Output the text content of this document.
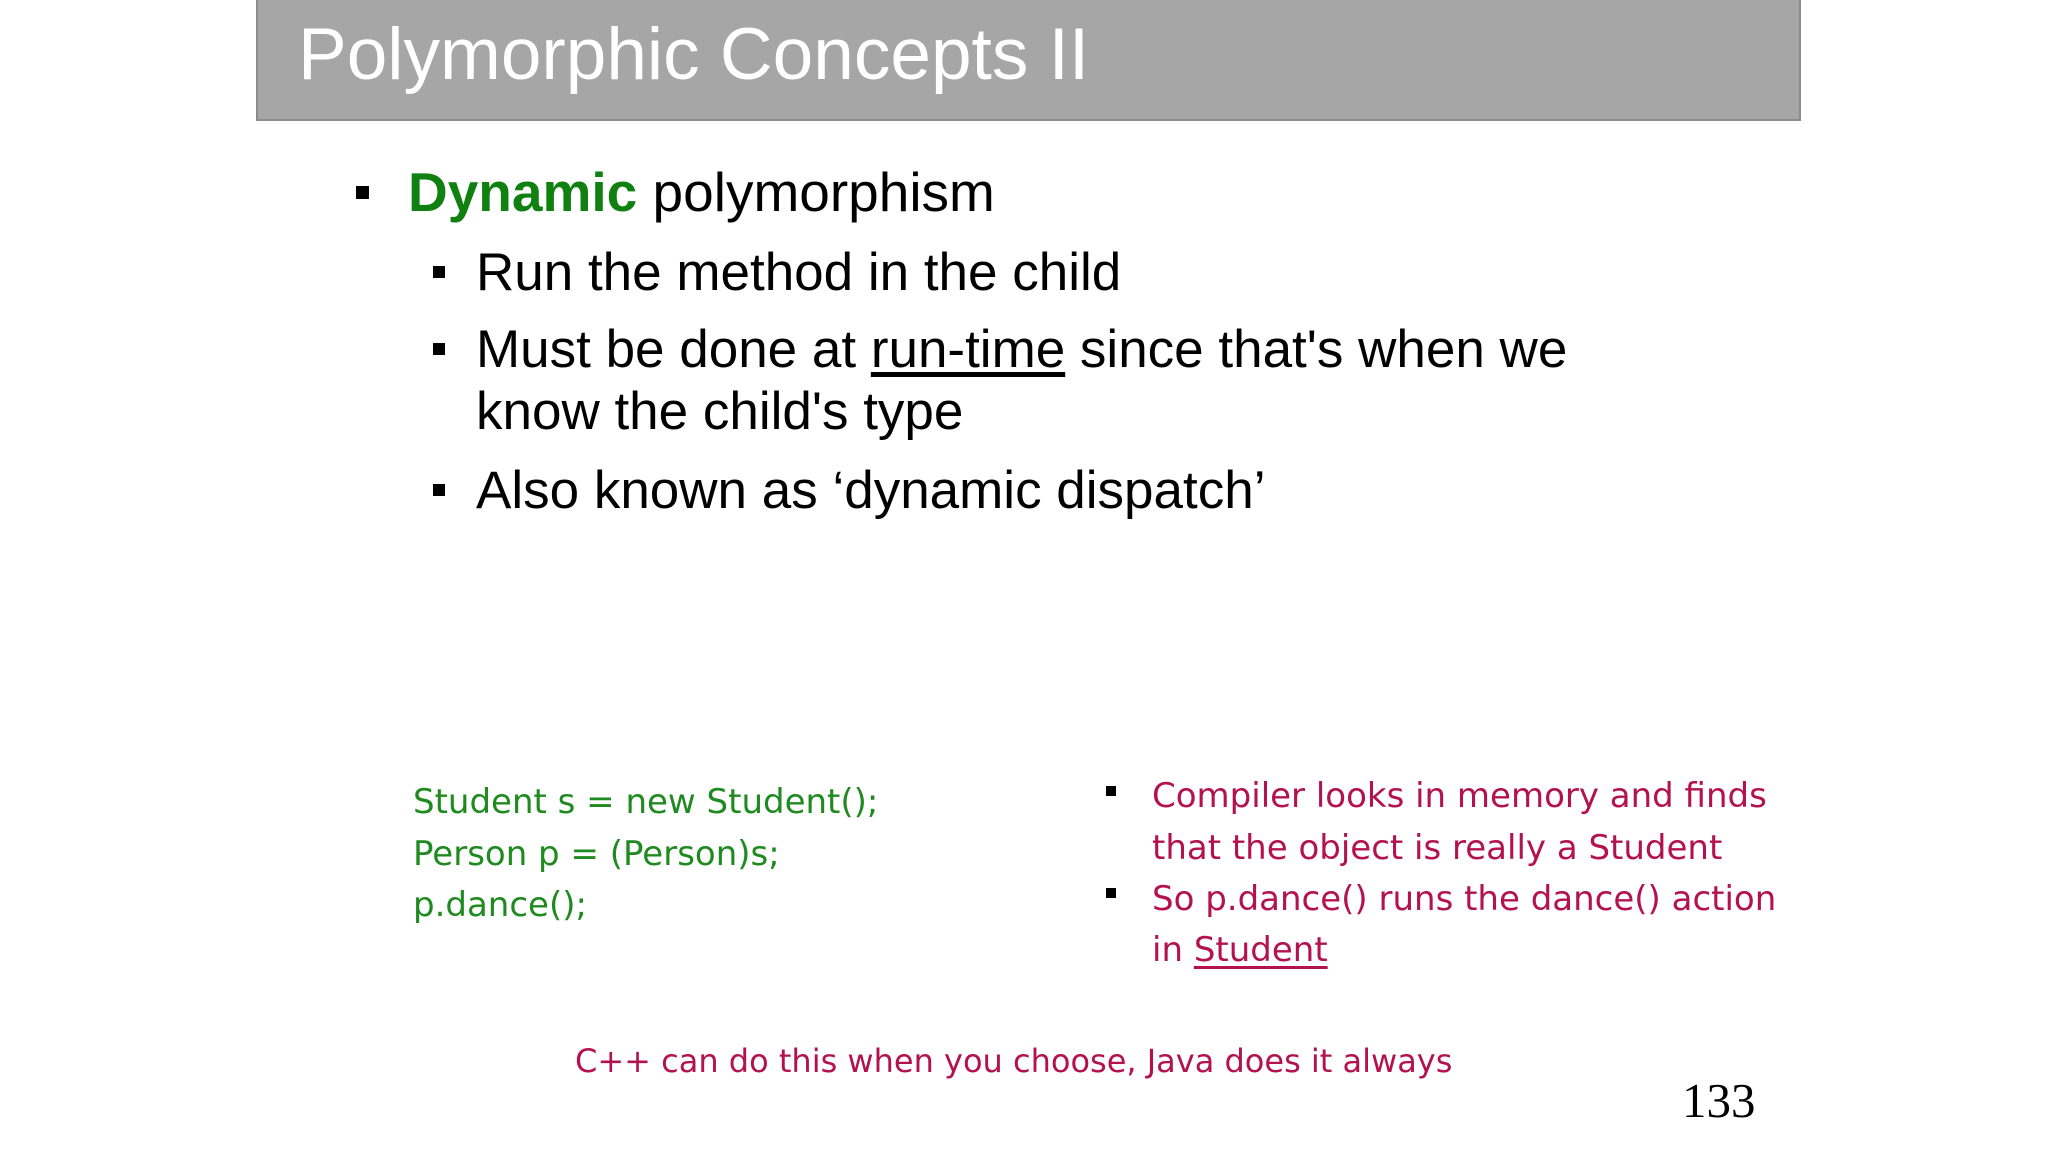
Polymorphic Concepts II
Dynamic polymorphism
Run the method in the child
Must be done at run-time since that's when we
know the child's type
Also known as ‘dynamic dispatch’
Student s = new Student();
Person p = (Person)s;
p.dance();
Compiler looks in memory and finds
that the object is really a Student
So p.dance() runs the dance() action
in Student
C++ can do this when you choose, Java does it always
133
